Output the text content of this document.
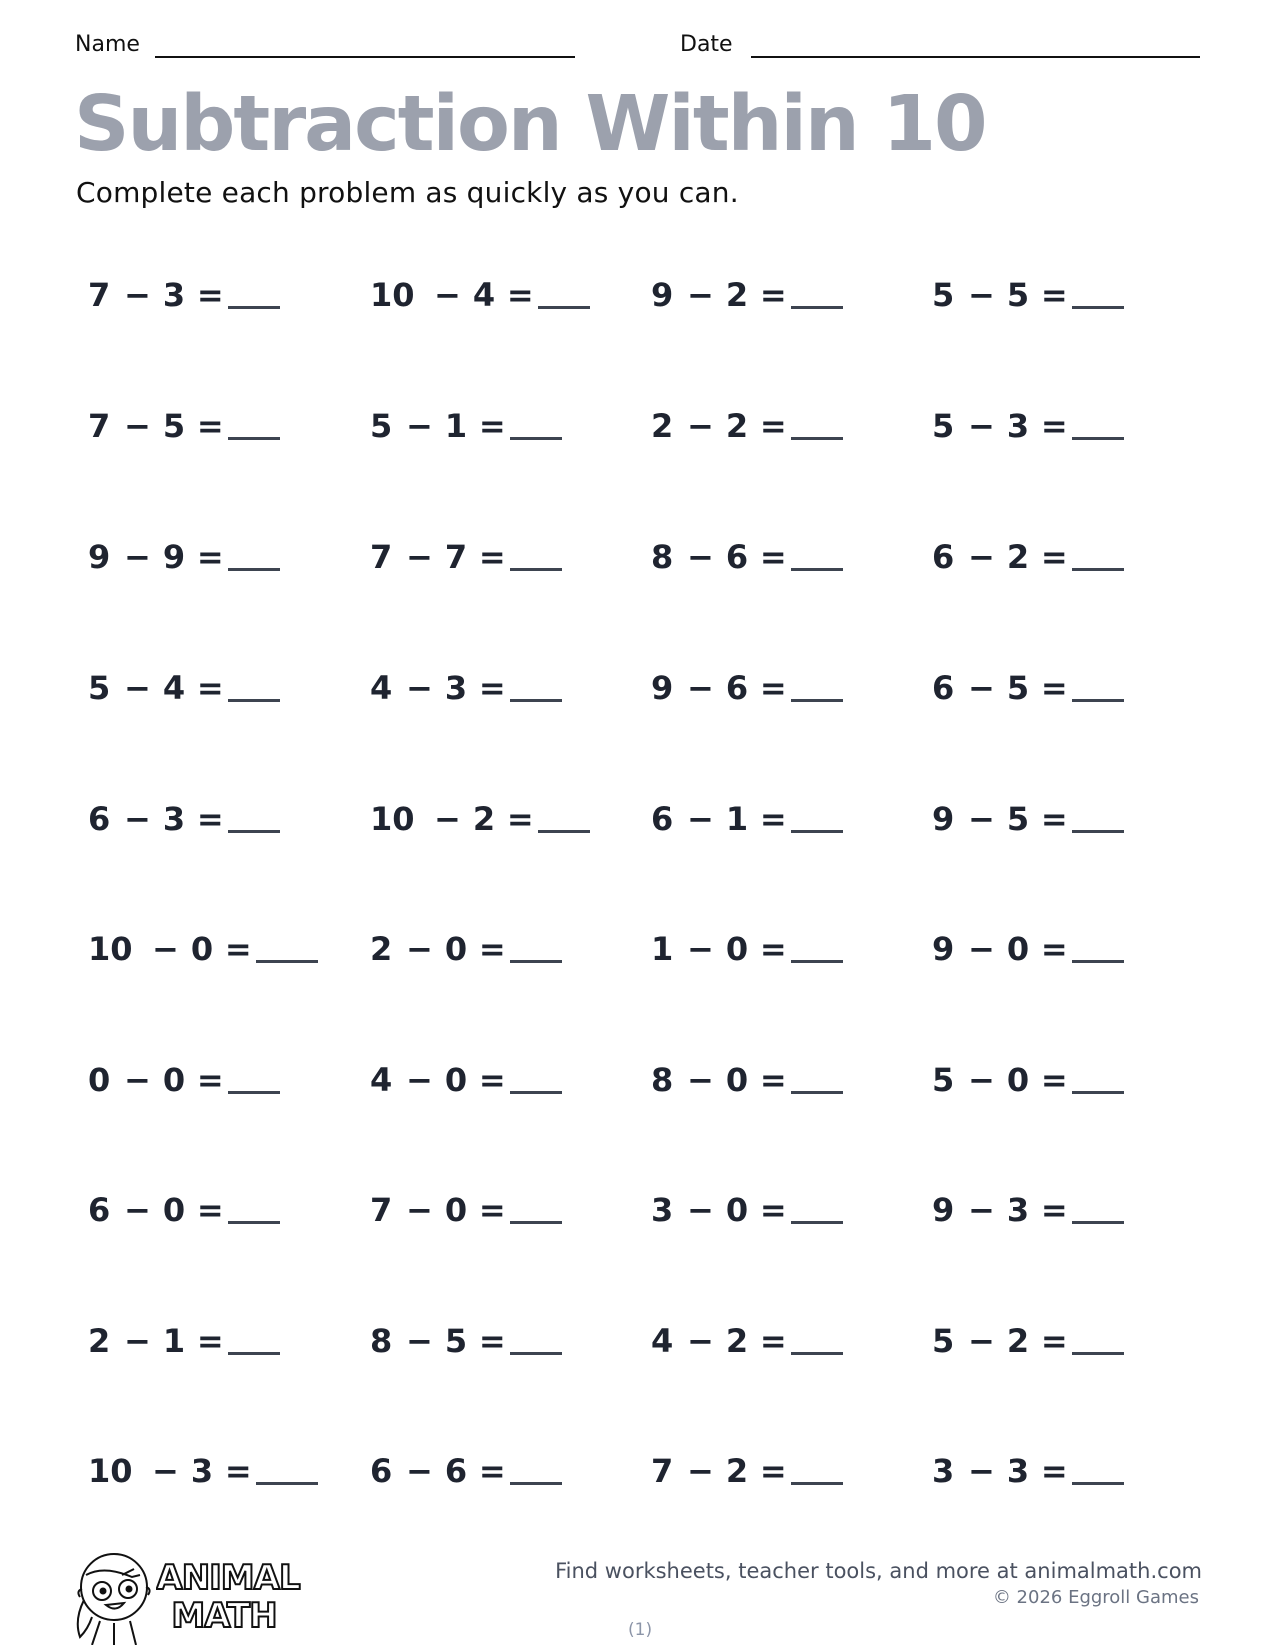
Name	Date
Subtraction Within 10
Complete each problem as quickly as you can.
7 − 3 =	10 − 4 =	9 − 2 =	5 − 5 =
7 − 5 =	5 − 1 =	2 − 2 =	5 − 3 =
9 − 9 =	7 − 7 =	8 − 6 =	6 − 2 =
5 − 4 =	4 − 3 =	9 − 6 =	6 − 5 =
6 − 3 =	10 − 2 =	6 − 1 =	9 − 5 =
10 − 0 =	2 − 0 =	1 − 0 =	9 − 0 =
0 − 0 =	4 − 0 =	8 − 0 =	5 − 0 =
6 − 0 =	7 − 0 =	3 − 0 =	9 − 3 =
2 − 1 =	8 − 5 =	4 − 2 =	5 − 2 =
10 − 3 =	6 − 6 =	7 − 2 =	3 − 3 =
ANIMAL
MATH
Find worksheets, teacher tools, and more at animalmath.com
© 2026 Eggroll Games
(1)
